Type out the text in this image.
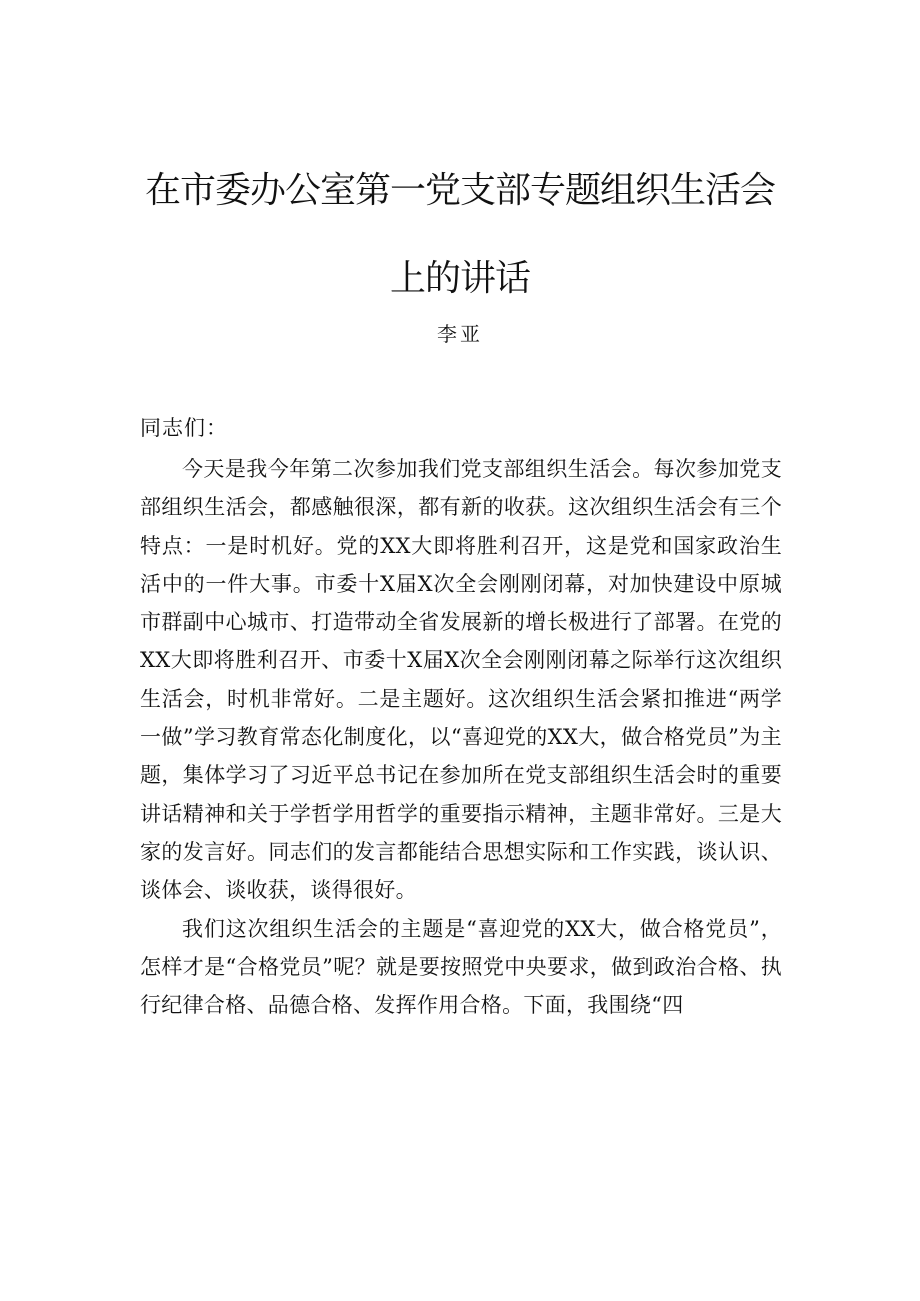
在市委办公室第一党支部专题组织生活会
上的讲话
李亚
同志们：

今天是我今年第二次参加我们党支部组织生活会。每次参加党支部组织生活会，都感触很深，都有新的收获。这次组织生活会有三个特点：一是时机好。党的XX大即将胜利召开，这是党和国家政治生活中的一件大事。市委十X届X次全会刚刚闭幕，对加快建设中原城市群副中心城市、打造带动全省发展新的增长极进行了部署。在党的XX大即将胜利召开、市委十X届X次全会刚刚闭幕之际举行这次组织生活会，时机非常好。二是主题好。这次组织生活会紧扣推进“两学一做”学习教育常态化制度化，以“喜迎党的XX大，做合格党员”为主题，集体学习了习近平总书记在参加所在党支部组织生活会时的重要讲话精神和关于学哲学用哲学的重要指示精神，主题非常好。三是大家的发言好。同志们的发言都能结合思想实际和工作实践，谈认识、谈体会、谈收获，谈得很好。

我们这次组织生活会的主题是“喜迎党的XX大，做合格党员”，怎样才是“合格党员”呢？就是要按照党中央要求，做到政治合格、执行纪律合格、品德合格、发挥作用合格。下面，我围绕“四
